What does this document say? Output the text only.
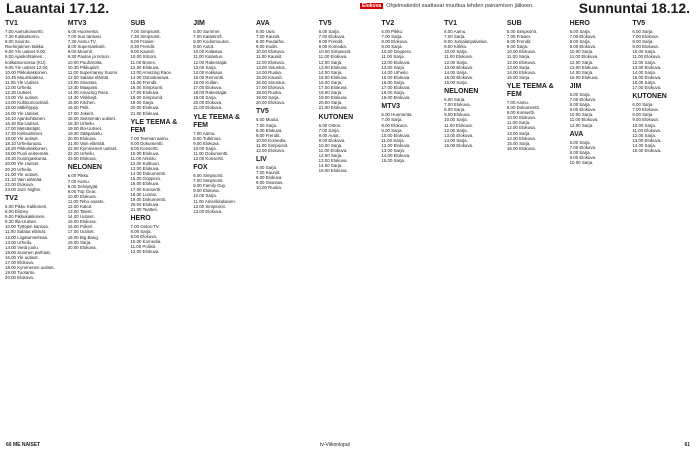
Lauantai 17.12.	Elokuva Ohjelmatiedot saattavat muuttua lehden painamisen jälkeen.	Sunnuntai 18.12.
TV1
7.00 Aamukonsertti.
7.30 Kotikatsomo.
8.00 Sovinto.
Rai-kirjaimen taikka.
9.00 Yle uutiset 9.00.
9.00 Ajankohtainen.
kotikatsomossa (KU).
9.05 Yle uutiset 12.00.
10.00 Pikkukakkonen.
10.45 Muumilaakso.
11.05 Yle Uutiset.
12.00 Urheilu.
12.30 Uutiset.
13.00 Yle uutiset.
14.00 Kulttuuricocktail.
15.00 Mäkihyppy.
16.00 Yle Uutiset.
16.10 Ajankohtainen.
16.30 Ilta-Uutiset.
17.00 Metsästäjät.
17.30 Kielisoittimet.
18.00 Yle uutiset.
18.10 Urheiluruutu.
18.20 Pikkukakkonen.
19.00 Puoli seitsemän.
19.30 Kuningaskunta.
20.00 Yle Uutiset.
20.20 Urheilu.
21.00 Yle uutiset.
21.10 Vain elämää.
22.00 Elokuva.
23.00 Jazz Nights.
TV2
6.00 Pikku Kakkonen.
8.00 Disney.
9.00 Pikkukakkonen.
9.30 Ilta-Uutiset.
10.00 Tyttöjen kanssa.
11.00 Salatut elämät.
12.00 Liigatunnelmaa.
13.00 Urheilu.
14.00 Vietä joulu.
15.00 Suomen parhaat.
16.00 Yle uutiset.
17.00 Elokuva.
18.00 Kymmenen uutiset.
19.00 Tuotanto.
20.00 Elokuva.
MTV3
6.00 Huomenta.
7.00 Sun tarinasi.
7.30 Aamu-TV.
8.00 Supersankarit.
9.00 Muumit.
9.30 Paulan ja Ismon.
10.00 Puuharotta.
10.30 Pikkupiirit.
11.00 Supernanny Suomi.
12.00 Salatut elämät.
13.00 Sisustus.
13.30 Maajussi.
14.00 Amazing Race.
14.30 Vinkkejä.
15.00 Kitchen.
16.00 Pelit.
17.00 Jokerit.
18.00 Seitsemän uutiset.
18.30 Urheilu.
19.00 Ilta-Uutiset.
19.30 Sääpalvelu.
20.00 Elokuva.
21.00 Vain elämää.
22.00 Kymmenen uutiset.
22.20 Urheilu.
23.00 Elokuva.
NELONEN
6.00 Pikku.
7.00 Aamu.
8.00 Selviytyjät.
9.00 Top Gear.
10.00 Elokuva.
11.00 Teho-osasto.
12.00 Kakut.
13.00 Talent.
14.00 Uutiset.
15.00 Elokuva.
16.00 Pokeri.
17.00 Uutiset.
18.00 Big Bang.
19.00 Sarja.
20.00 Elokuva.
SUB
7.00 Simpsonit.
7.30 Simpsonit.
8.00 Frasier.
8.30 Frendit.
9.00 Kauniit.
10.00 Sitcom.
11.00 Bones.
12.00 Elokuva.
13.00 Amazing Race.
14.00 Ostoskanava.
15.00 Frendit.
16.00 Simpsonit.
17.00 Elokuva.
18.00 Simpsonit.
19.00 Sarja.
20.00 Elokuva.
21.00 Elokuva.
YLE TEEMA & FEM
7.00 Teeman aamu.
8.00 Dokumentti.
9.00 Konsertti.
10.00 Elokuva.
11.00 Arkisto.
12.00 Kulttuuri.
13.00 Elokuva.
14.00 Dokumentti.
15.00 Ooppera.
16.00 Elokuva.
17.00 Konsertti.
18.00 Luonto.
19.00 Dokumentti.
20.00 Elokuva.
21.00 Teatteri.
HERO
7.00 Ostos-TV.
8.00 Sarja.
9.00 Elokuva.
10.00 Komedia.
11.00 Poliisit.
12.00 Elokuva.
JIM
6.00 Summer.
7.00 Katastrofi.
8.00 Kodinmuutos.
9.00 Autot.
10.00 Kalastus.
11.00 Kalastus.
12.00 Rakentajat.
13.00 Sarja.
14.00 Kokkaus.
15.00 Remontti.
16.00 Kullan.
17.00 Elokuva.
18.00 Rakentajat.
19.00 Sarja.
20.00 Elokuva.
21.00 Elokuva.
YLE TEEMA & FEM
7.00 Aamu.
8.00 Tutkimus.
9.00 Elokuva.
10.00 Sarja.
11.00 Dokumentti.
12.00 Konsertti.
FOX
6.00 Simpsonit.
7.00 Simpsonit.
8.00 Family Guy.
9.00 Elokuva.
10.00 Sarja.
11.00 Amerikkalainen.
12.00 Simpsonit.
13.00 Elokuva.
AVA
6.00 Uusi.
7.00 Kauniit.
8.00 Puutarha.
9.00 Kodin.
10.00 Elokuva.
11.00 Kauniit.
12.00 Elokuva.
13.00 Sisustus.
14.00 Ruoka.
15.00 Kauniit.
16.00 Sisustus.
17.00 Elokuva.
18.00 Ruoka.
19.00 Sarja.
20.00 Elokuva.
TV5
6.00 Muuta.
7.00 Sarja.
8.00 Elokuva.
9.00 Frendit.
10.00 Komedia.
11.00 Simpsonit.
12.00 Elokuva.
LIV
6.00 Sarja.
7.00 Kauniit.
8.00 Elokuva.
9.00 Sisustus.
10.00 Ruoka.
TV5
6.00 Sarja.
7.00 Elokuva.
8.00 Frendit.
9.00 Komedia.
10.00 Simpsonit.
11.00 Elokuva.
12.00 Sarja.
13.00 Elokuva.
14.00 Sarja.
15.00 Elokuva.
16.00 Sarja.
17.00 Elokuva.
18.00 Sarja.
19.00 Elokuva.
20.00 Sarja.
21.00 Elokuva.
KUTONEN
6.00 Ostos.
7.00 Sarja.
8.00 Autot.
9.00 Elokuva.
10.00 Sarja.
11.00 Elokuva.
12.00 Sarja.
13.00 Elokuva.
14.00 Sarja.
15.00 Elokuva.
TV2
6.00 Pikku.
7.00 Sarja.
8.00 Elokuva.
9.00 Sarja.
10.00 Ooppera.
11.00 Sarja.
12.00 Elokuva.
13.00 Sarja.
14.00 Urheilu.
15.00 Elokuva.
16.00 Sarja.
17.00 Elokuva.
18.00 Sarja.
19.00 Elokuva.
MTV3
6.00 Huomenta.
7.00 Sarja.
8.00 Elokuva.
9.00 Sarja.
10.00 Elokuva.
11.00 Sarja.
12.00 Elokuva.
13.00 Sarja.
14.00 Elokuva.
15.00 Sarja.
TV1
6.00 Aamu.
7.00 Sarja.
8.00 Jumalanpalvelus.
9.00 Kirkko.
10.00 Sarja.
11.00 Elokuva.
12.00 Sarja.
13.00 Elokuva.
14.00 Sarja.
15.00 Elokuva.
16.00 Sarja.
NELONEN
6.00 Sarja.
7.00 Elokuva.
8.00 Sarja.
9.00 Elokuva.
10.00 Sarja.
11.00 Elokuva.
12.00 Sarja.
13.00 Elokuva.
14.00 Sarja.
15.00 Elokuva.
SUB
6.00 Simpsonit.
7.00 Frasier.
8.00 Frendit.
9.00 Sarja.
10.00 Elokuva.
11.00 Sarja.
12.00 Elokuva.
13.00 Sarja.
14.00 Elokuva.
15.00 Sarja.
YLE TEEMA & FEM
7.00 Aamu.
8.00 Dokumentti.
9.00 Konsertti.
10.00 Elokuva.
11.00 Sarja.
12.00 Elokuva.
13.00 Sarja.
14.00 Elokuva.
15.00 Sarja.
16.00 Elokuva.
HERO
6.00 Sarja.
7.00 Elokuva.
8.00 Sarja.
9.00 Elokuva.
10.00 Sarja.
11.00 Elokuva.
12.00 Sarja.
13.00 Elokuva.
14.00 Sarja.
15.00 Elokuva.
JIM
6.00 Sarja.
7.00 Elokuva.
8.00 Sarja.
9.00 Elokuva.
10.00 Sarja.
11.00 Elokuva.
12.00 Sarja.
AVA
6.00 Sarja.
7.00 Elokuva.
8.00 Sarja.
9.00 Elokuva.
10.00 Sarja.
TV5
6.00 Sarja.
7.00 Elokuva.
8.00 Sarja.
9.00 Elokuva.
10.00 Sarja.
11.00 Elokuva.
12.00 Sarja.
13.00 Elokuva.
14.00 Sarja.
15.00 Elokuva.
16.00 Sarja.
17.00 Elokuva.
KUTONEN
6.00 Sarja.
7.00 Elokuva.
8.00 Sarja.
9.00 Elokuva.
10.00 Sarja.
11.00 Elokuva.
12.00 Sarja.
13.00 Elokuva.
14.00 Sarja.
15.00 Elokuva.
60 ME NAISET	tv-Viikonloput	61
